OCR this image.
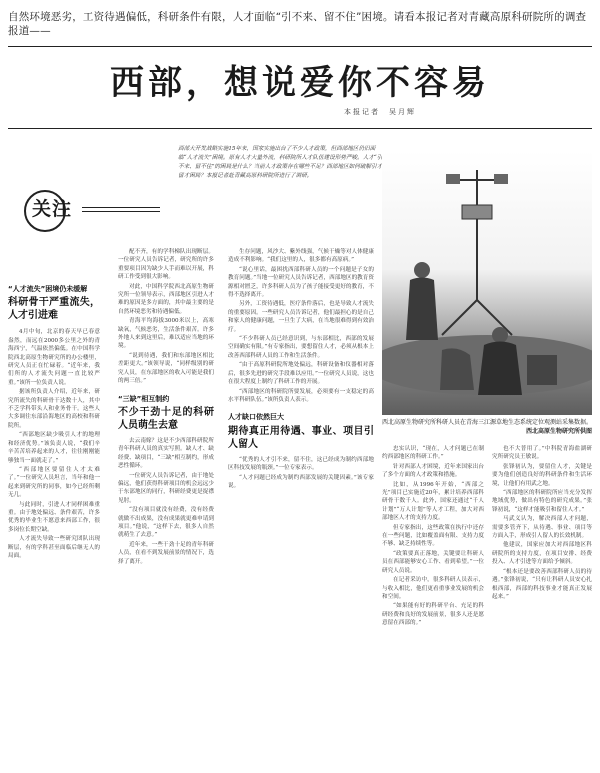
自然环境恶劣，工资待遇偏低，科研条件有限，人才面临“引不来、留不住”困境。请看本报记者对青藏高原科研院所的调查报道——
西部，想说爱你不容易
本报记者　吴月辉
关注
西部大开发战略实施15年来，国家实施出台了不少人才政策，但西部地区仍旧面临“人才流失”困境。原有人才大量外流，科研院所人才队伍建设形势严峻。人才“引不来、留不住”的困局是什么？当前人才政策存在哪些不足？西部地区如何破解引才留才困局？本报记者赴青藏高原科研院所进行了调研。
“人才流失”困境仍未缓解
科研骨干严重流失，人才引进难

4月中旬，北京的春天早已春意盎然，而远在2000多公里之外的青海西宁，气温依然偏低。在中国科学院西北高原生物研究所的办公楼里，研究人员正在忙碌着。“近年来，我们所的人才流失问题一直比较严重。”该所一位负责人说。

据该所负责人介绍，近年来，研究所流失的科研骨干达数十人，其中不乏学科带头人和业务骨干。这些人大多调往东部沿海地区的高校和科研院所。

“西部地区缺少吸引人才的地理和经济优势。”该负责人说，“我们辛辛苦苦培养起来的人才，往往刚刚能够独当一面就走了。”

“西部地区要留住人才太难了。”一位研究人员坦言，当年和他一起来到研究所的同事，如今已经所剩无几。

与此同时，引进人才同样困难重重。由于地处偏远、条件艰苦，许多优秀的毕业生不愿意来西部工作，很多岗位长期空缺。

人才流失导致一些研究团队出现断层，有的学科甚至面临后继无人的局面。

配不齐，有的学科梯队出现断层。一位研究人员告诉记者，研究所的许多重要项目因为缺少人手而难以开展，科研工作受到很大影响。

对此，中国科学院西北高原生物研究所一位领导表示，西部地区引进人才难的原因是多方面的，其中最主要的是自然环境恶劣和待遇偏低。

青海平均海拔3000米以上，高寒缺氧，气候恶劣，生活条件艰苦。许多外地人来到这里后，难以适应当地的环境。

“说到待遇，我们和东部地区相比差距更大。”该领导说，“同样级别的研究人员，在东部地区的收入可能是我们的两三倍。”

“三缺”相互制约
不少干劲十足的科研人员萌生去意

去云南嫁？这是不少西部科研院所青年科研人员的真实写照。缺人才、缺经费、缺项目，“三缺”相互制约，形成恶性循环。

一位研究人员告诉记者，由于地处偏远，他们获得科研项目的机会远远少于东部地区的同行，科研经费更是捉襟见肘。

“没有项目就没有经费，没有经费就做不出成果，没有成果就更难申请到项目。”他说，“这样下去，很多人自然就萌生了去意。”

近年来，一些干劲十足的青年科研人员，在看不到发展前景的情况下，选择了离开。

生存问题，风沙大、紫外线强，气候干燥等对人体健康造成不利影响。“我们这里的人，很多都有高原病。”

“说心里话，最困扰西部科研人员的一个问题是子女的教育问题。”当地一位研究人员告诉记者，西部地区的教育资源相对匮乏，许多科研人员为了孩子能接受更好的教育，不得不选择离开。

另外，工资待遇低，医疗条件落后，也是导致人才流失的重要原因。一些研究人员告诉记者，他们最担心的是自己和家人的健康问题，一旦生了大病，在当地很难得到有效治疗。

“不少科研人员已经意识到，与东部相比，西部的发展空间确实有限。”有专家指出，要想留住人才，必须从根本上改善西部科研人员的工作和生活条件。

“由于高原科研院所地处偏远，科研设备和仪器相对落后，很多先进的研究手段难以应用。”一位研究人员说，这也在很大程度上制约了科研工作的开展。

“西部地区的科研院所要发展，必须要有一支稳定的高水平科研队伍。”该所负责人表示。

人才缺口依然巨大
期待真正用待遇、事业、项目引人留人

“优秀的人才引不来，留不住，这已经成为制约西部地区科技发展的瓶颈。”一位专家表示。

“人才问题已经成为制约西部发展的关键因素。”该专家说。

西北高原生物研究所科研人员在青海三江源草地生态系统定位观测站采集数据。
西北高原生物研究所供图

忠实认识，“现在，人才问题已在制约西部地区的科研工作。”

针对西部人才困境，近年来国家出台了多个方面的人才政策和措施。

比如，从1996年开始，“西部之光”项目已实施近20年，累计培养西部科研骨干数千人。此外，国家还通过“千人计划”“万人计划”等人才工程，加大对西部地区人才的支持力度。

但专家指出，这些政策在执行中还存在一些问题，比如覆盖面有限、支持力度不够、缺乏持续性等。

“政策要真正落地，关键要让科研人员在西部能够安心工作、看到希望。”一位研究人员说。

在记者采访中，很多科研人员表示，与收入相比，他们更看重事业发展的机会和空间。

“如果能有好的科研平台、充足的科研经费和良好的发展前景，很多人还是愿意留在西部的。”

也不大普用了。”中科院青海盐湖研究所研究员王敏说。

张锋初认为，要留住人才，关键是要为他们创造良好的科研条件和生活环境，让他们有用武之地。

“西部地区的科研院所应当充分发挥地域优势，做出有特色的研究成果。”张锋初说，“这样才能吸引和留住人才。”

马武义认为，解决西部人才问题，需要多管齐下，从待遇、事业、项目等方面入手，形成引人留人的长效机制。

他建议，国家应加大对西部地区科研院所的支持力度，在项目安排、经费投入、人才引进等方面给予倾斜。

“根本还是要改善西部科研人员的待遇。”张锋初说，“只有让科研人员安心扎根西部，西部的科技事业才能真正发展起来。”
